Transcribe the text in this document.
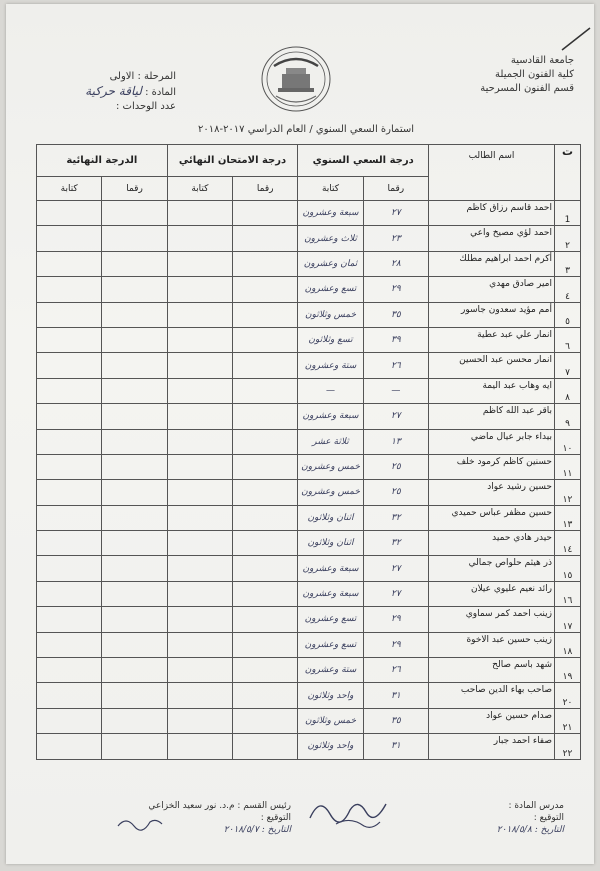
جامعة القادسية
كلية الفنون الجميلة
قسم الفنون المسرحية
المرحلة : الاولى
المادة : لياقة حركية
عدد الوحدات :
استمارة السعي السنوي / العام الدراسي ٢٠١٧-٢٠١٨
ت	اسم الطالب	درجة السعي السنوي		درجة الامتحان النهائي		الدرجة النهائية	
		رقما	كتابة	رقما	كتابة	رقما	كتابة
1	احمد قاسم رزاق كاظم	٢٧	سبعة وعشرون				
٢	احمد لؤي مصيخ واعي	٢٣	ثلاث وعشرون				
٣	أكرم احمد ابراهيم مطلك	٢٨	ثمان وعشرون				
٤	امير صادق مهدي	٢٩	تسع وعشرون				
٥	أمم مؤيد سعدون جاسور	٣٥	خمس وثلاثون				
٦	انمار علي عبد عطية	٣٩	تسع وثلاثون				
٧	انمار محسن عبد الحسين	٢٦	ستة وعشرون				
٨	ايه وهاب عبد اليمة	—	—				
٩	باقر عبد الله كاظم	٢٧	سبعة وعشرون				
١٠	بيداء جابر عيال ماضي	١٣	ثلاثة عشر				
١١	حسنين كاظم كرمود خلف	٢٥	خمس وعشرون				
١٢	حسين رشيد عواد	٢٥	خمس وعشرون				
١٣	حسين مظفر عباس حميدي	٣٢	اثنان وثلاثون				
١٤	حيدر هادي حميد	٣٢	اثنان وثلاثون				
١٥	ذر هيثم حلواص جمالي	٢٧	سبعة وعشرون				
١٦	رائد نعيم عليوي عيلان	٢٧	سبعة وعشرون				
١٧	زينب احمد كمر سماوي	٢٩	تسع وعشرون				
١٨	زينب حسين عبد الاخوة	٢٩	تسع وعشرون				
١٩	شهد باسم صالح	٢٦	ستة وعشرون				
٢٠	صاحب بهاء الدين صاحب	٣١	واحد وثلاثون				
٢١	صدام حسين عواد	٣٥	خمس وثلاثون				
٢٢	صفاء احمد جبار	٣١	واحد وثلاثون				
مدرس المادة :
التوقيع :
التاريخ : ٢٠١٨/٥/٨
رئيس القسم : م.د. نور سعيد الخزاعي
التوقيع :
التاريخ : ٢٠١٨/٥/٧
